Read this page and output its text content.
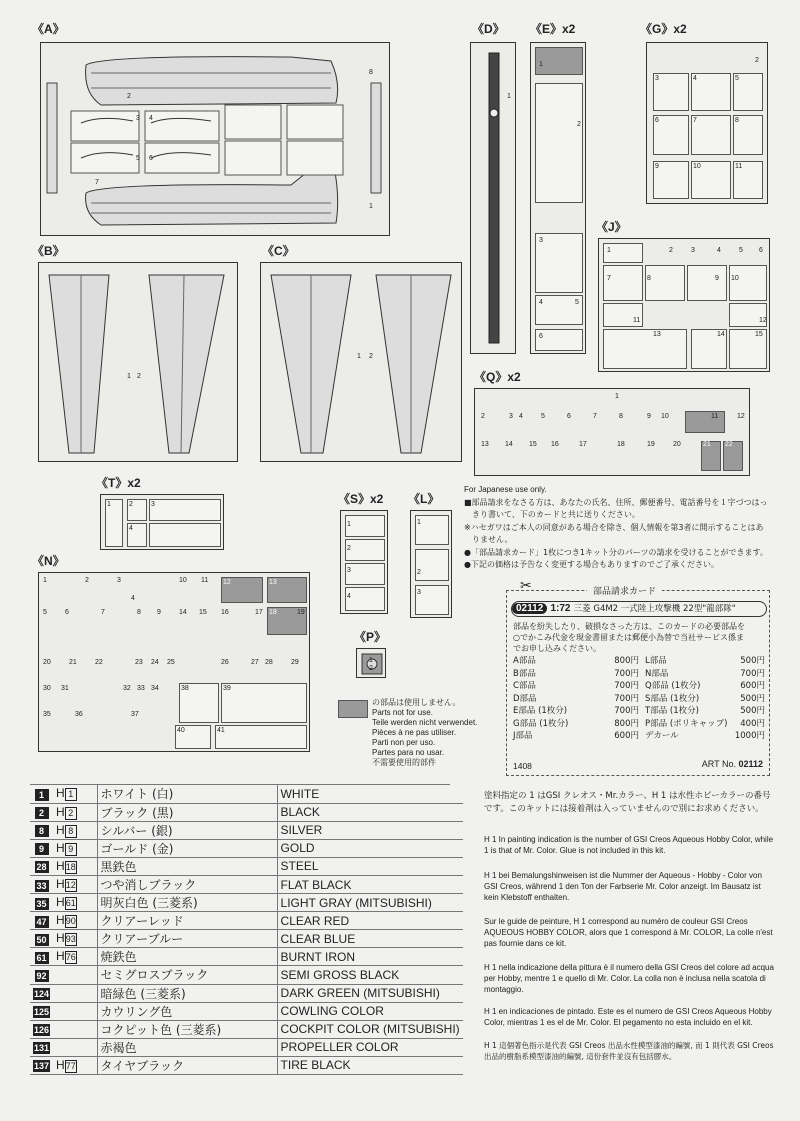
《A》
2
3 4
5 6
7
8
1
《B》
1 2
《C》
1 2
《D》
1
《E》x2
1
2
3
4	5
6
《G》x2
2
3	4	5
6	7	8
9	10	11
《J》
1	2	3	4	5 6
7	8	9 10
11	12
13	14	15
《Q》x2
1
2	3 4	5	6	7	8	9 10	11	12
13 14 15 16	17	18	19	20	21 22
《T》x2
1	2	3
4
《S》x2
1
2
3
4
《L》
1
2
3
《N》
1	2	3
4
5	6	7	8 9
10 11 12	13
14 15 16	17 18	19
20	21	22	23 24 25	26	27 28	29
30 31	32 33 34
35	36	37
38	39
40	41
《P》
1
2
の部品は使用しません。
Parts not for use.
Teile werden nicht verwendet.
Pièces à ne pas utiliser.
Parti non per uso.
Partes para no usar.
不需要使用的部件
For Japanese use only.
■部品請求をなさる方は、あなたの氏名、住所、郵便番号、電話番号を１字づつはっ
　きり書いて、下のカードと共に送りください。
※ハセガワはご本人の同意がある場合を除き、個人情報を第3者に開示することはあ
　りません。
●「部品請求カード」1枚につき1キット分のパーツの請求を受けることができます。
●下記の価格は予告なく変更する場合もありますのでご了承ください。
✂	部品請求カード
02112 1:72 三菱 G4M2 一式陸上攻撃機 22型"龍部隊"
部品を紛失したり、破損なさった方は、このカードの必要部品を
○でかこみ代金を現金書留または郵便小為替で当社サービス係ま
でお申し込みください。
A部品	800円
B部品	700円
C部品	700円
D部品	700円
E部品 (1枚分)	700円
G部品 (1枚分)	800円
J部品	600円
L部品	500円
N部品	700円
Q部品 (1枚分)	600円
S部品 (1枚分)	500円
T部品 (1枚分)	500円
P部品 (ポリキャップ) 400円
デカール	1000円
1408	ART No. 02112
1	H 1	ホワイト (白)	WHITE
2	H 2	ブラック (黒)	BLACK
8	H 8	シルバー (銀)	SILVER
9	H 9	ゴールド (金)	GOLD
28	H18	黒鉄色	STEEL
33	H12	つや消しブラック	FLAT BLACK
35	H61	明灰白色 (三菱系)	LIGHT GRAY (MITSUBISHI)
47	H90	クリアーレッド	CLEAR RED
50	H93	クリアーブルー	CLEAR BLUE
61	H76	焼鉄色	BURNT IRON
92		セミグロスブラック	SEMI GROSS BLACK
124		暗緑色 (三菱系)	DARK GREEN (MITSUBISHI)
125		カウリング色	COWLING COLOR
126		コクピット色 (三菱系)	COCKPIT COLOR (MITSUBISHI)
131		赤褐色	PROPELLER COLOR
137	H77	タイヤブラック	TIRE BLACK
塗料指定の 1 はGSI クレオス・Mr.カラー、H 1 は水性ホビーカラーの番号です。このキットには接着剤は入っていませんので別にお求めください。
H 1 In painting indication is the number of GSI Creos Aqueous Hobby Color, while 1 is that of Mr. Color. Glue is not included in this kit.
H 1 bei Bemalungshinweisen ist die Nummer der Aqueous - Hobby - Color von GSI Creos, während 1 den Ton der Farbserie Mr. Color anzeigt. Im Bausatz ist kein Klebstoff enthalten.
Sur le guide de peinture, H 1 correspond au numéro de couleur GSI Creos AQUEOUS HOBBY COLOR, alors que 1 correspond à Mr. COLOR, La colle n'est pas fournie dans ce kit.
H 1 nella indicazione della pittura è il numero della GSI Creos del colore ad acqua per Hobby, mentre 1 e quello di Mr. Color. La colla non è inclusa nella scatola di montaggio.
H 1 en indicaciones de pintado. Este es el numero de GSI Creos Aqueous Hobby Color, mientras 1 es el de Mr. Color. El pegamento no esta incluido en el kit.
H 1 這個著色指示是代表 GSI Creos 出品水性模型漆油的編號, 而 1 則代表 GSI Creos 出品的樹脂系模型漆油的編號, 這份套件並沒有包括膠水。
